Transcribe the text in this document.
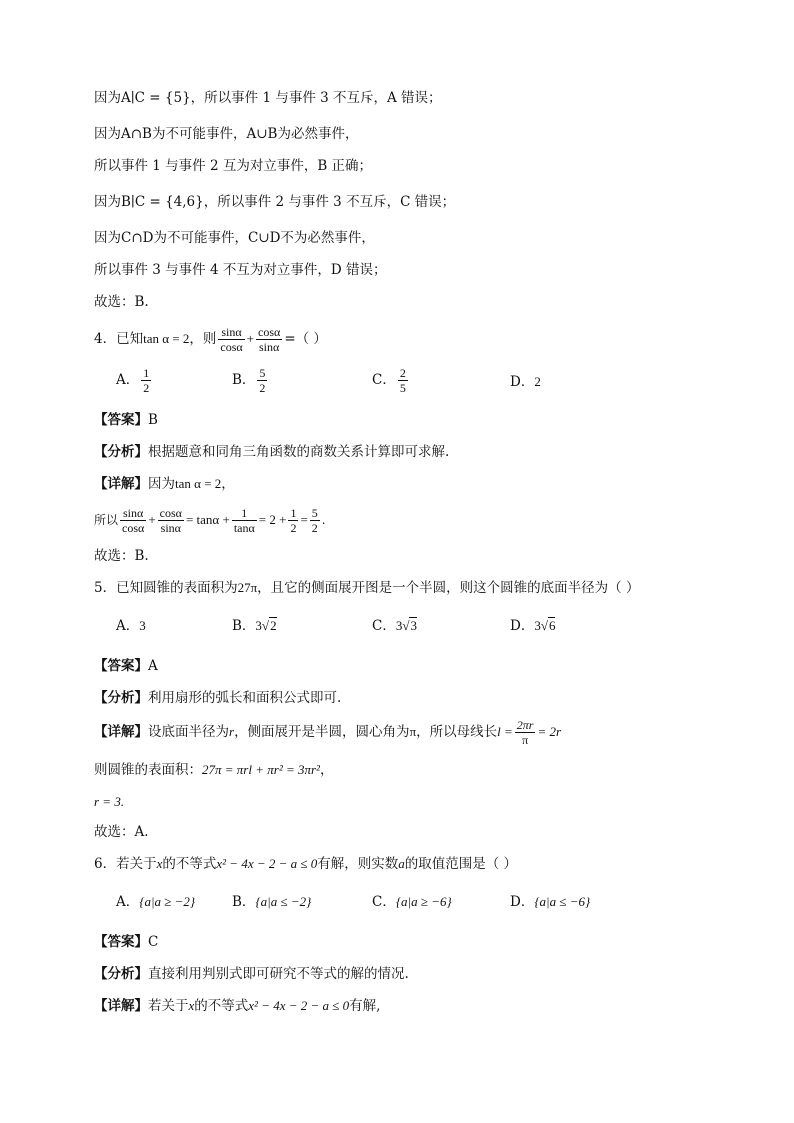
因为A∣C = {5}，所以事件 1 与事件 3 不互斥，A 错误；
因为A∩B为不可能事件，A∪B为必然事件，
所以事件 1 与事件 2 互为对立事件，B 正确；
因为B∣C = {4,6}，所以事件 2 与事件 3 不互斥，C 错误；
因为C∩D为不可能事件，C∪D不为必然事件，
所以事件 3 与事件 4 不互为对立事件，D 错误；
故选：B.
4．已知tan α = 2，则 $\frac{\sin\alpha}{\cos\alpha} + \frac{\cos\alpha}{\sin\alpha}$ =（ ）
A． $\frac{1}{2}$	B． $\frac{5}{2}$	C． $\frac{2}{5}$	D．2
【答案】B
【分析】根据题意和同角三角函数的商数关系计算即可求解.
【详解】因为tan α = 2，
所以 $\frac{\sin\alpha}{\cos\alpha} + \frac{\cos\alpha}{\sin\alpha} = \tan\alpha + \frac{1}{\tan\alpha} = 2 + \frac{1}{2} = \frac{5}{2}$ .
故选：B.
5．已知圆锥的表面积为27π，且它的侧面展开图是一个半圆，则这个圆锥的底面半径为（ ）
A．3	B．3√2	C．3√3	D．3√6
【答案】A
【分析】利用扇形的弧长和面积公式即可.
【详解】设底面半径为r，侧面展开是半圆，圆心角为π，所以母线长$l = \frac{2\pi r}{\pi} = 2r$
则圆锥的表面积：27π = πrl + πr² = 3πr²，
r = 3.
故选：A.
6．若关于x的不等式x² − 4x − 2 − a ≤ 0有解，则实数a的取值范围是（ ）
A．{a|a ≥ −2}	B．{a|a ≤ −2}	C．{a|a ≥ −6}	D．{a|a ≤ −6}
【答案】C
【分析】直接利用判别式即可研究不等式的解的情况.
【详解】若关于x的不等式x² − 4x − 2 − a ≤ 0有解,
